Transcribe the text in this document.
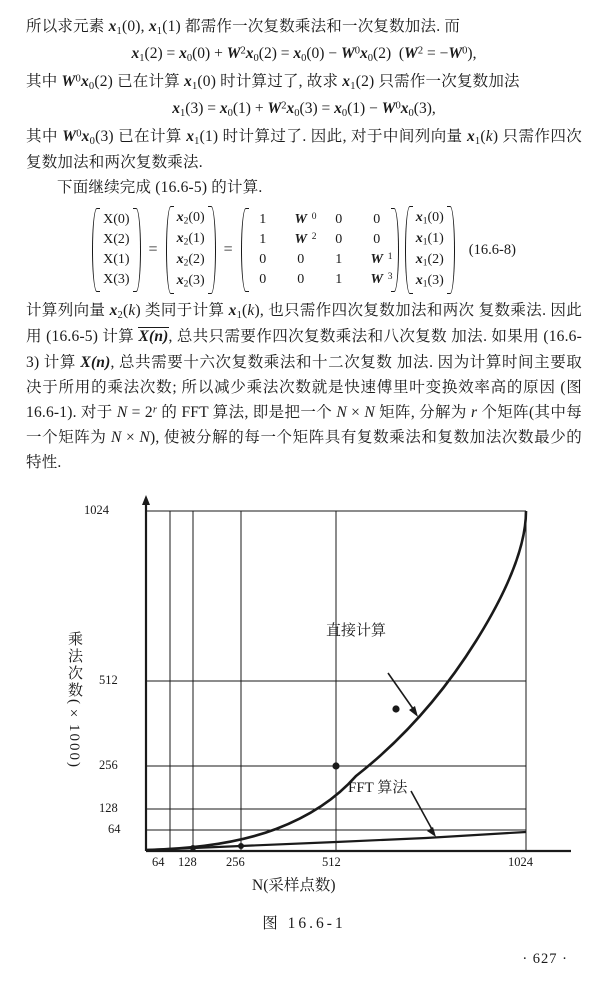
所以求元素 $x_1(0)$, $x_1(1)$ 都需作一次复数乘法和一次复数加法. 而

$x_1(2) = x_0(0) + W^2x_0(2) = x_0(0) - W^0x_0(2) (W^2 = -W^0)$,

其中 $W^0x_0(2)$ 已在计算 $x_1(0)$ 时计算过了, 故求 $x_1(2)$ 只需作一次复数加法

$x_1(3) = x_0(1) + W^2x_0(3) = x_0(1) - W^0x_0(3)$,

其中 $W^0x_0(3)$ 已在计算 $x_1(1)$ 时计算过了. 因此, 对于中间列向量 $x_1(k)$ 只需作四次复数加法和两次复数乘法.

下面继续完成 (16.6-5) 的计算.

X(0)
X(2)
X(1)
X(3)
=
$x_2(0)$
$x_2(1)$
$x_2(2)$
$x_2(3)$
=
1	W $^0$	0	0
1	W $^2$	0	0
0	0	1	W $^1$
0	0	1	W $^3$
$x_1(0)$
$x_1(1)$
$x_1(2)$
$x_1(3)$
(16.6-8)

计算列向量 $x_2(k)$ 类同于计算 $x_1(k)$, 也只需作四次复数加法和两次 复数乘法. 因此用 (16.6-5) 计算 X(n), 总共只需要作四次复数乘法和八次复数 加法. 如果用 (16.6-3) 计算 X(n), 总共需要十六次复数乘法和十二次复数 加法. 因为计算时间主要取决于所用的乘法次数; 所以减少乘法次数就是快速傅里叶变换效率高的原因 (图 16.6-1). 对于 $N = 2^r$ 的 FFT 算法, 即是把一个 N × N 矩阵, 分解为 r 个矩阵(其中每一个矩阵为 N × N), 使被分解的每一个矩阵具有复数乘法和复数加法次数最少的特性.

乘法次数(×1000)
1024
512
256
128
64
64 128 256	512	1024
直接计算
FFT 算法
N(采样点数)
图 16.6-1
· 627 ·
